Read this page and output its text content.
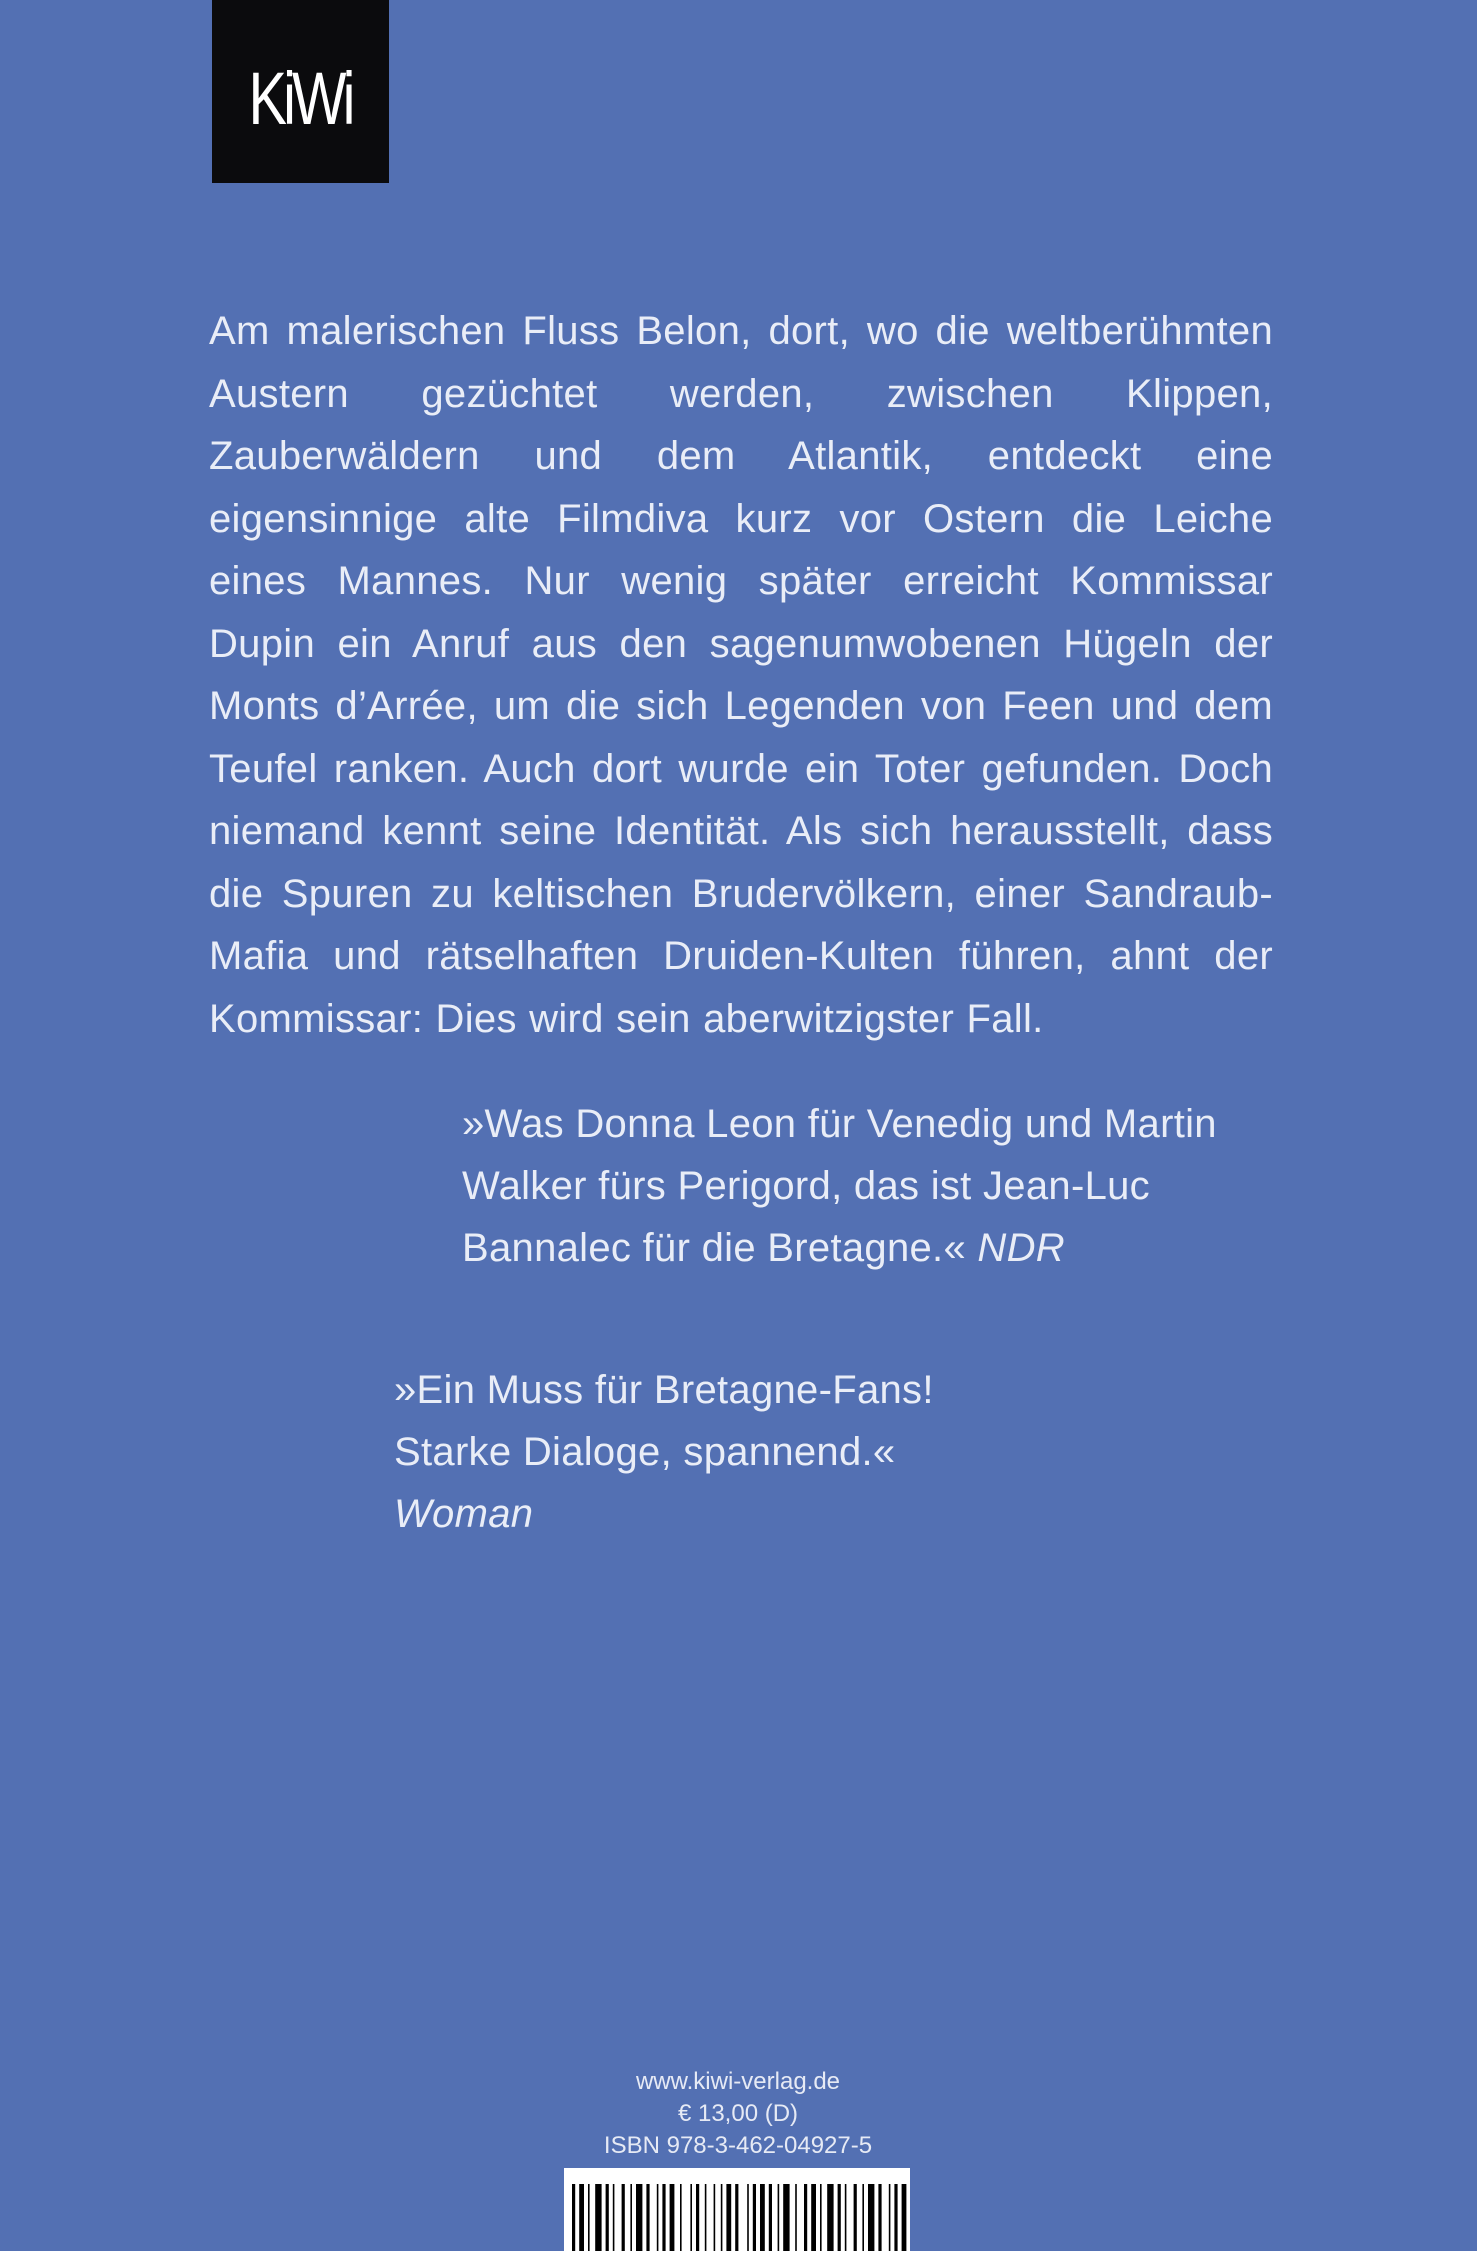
KiWi

Am malerischen Fluss Belon, dort, wo die weltberühmten Austern gezüchtet werden, zwischen Klippen, Zauberwäldern und dem Atlantik, entdeckt eine eigensinnige alte Filmdiva kurz vor Ostern die Leiche eines Mannes. Nur wenig später erreicht Kommissar Dupin ein Anruf aus den sagenumwobenen Hügeln der Monts d’Arrée, um die sich Legenden von Feen und dem Teufel ranken. Auch dort wurde ein Toter gefunden. Doch niemand kennt seine Identität. Als sich herausstellt, dass die Spuren zu keltischen Brudervölkern, einer Sandraub-Mafia und rätselhaften Druiden-Kulten führen, ahnt der Kommissar: Dies wird sein aberwitzigster Fall.

»Was Donna Leon für Venedig und Martin Walker fürs Perigord, das ist Jean-Luc Bannalec für die Bretagne.« NDR

»Ein Muss für Bretagne-Fans!
Starke Dialoge, spannend.«
Woman

www.kiwi-verlag.de
€ 13,00 (D)
ISBN 978-3-462-04927-5
